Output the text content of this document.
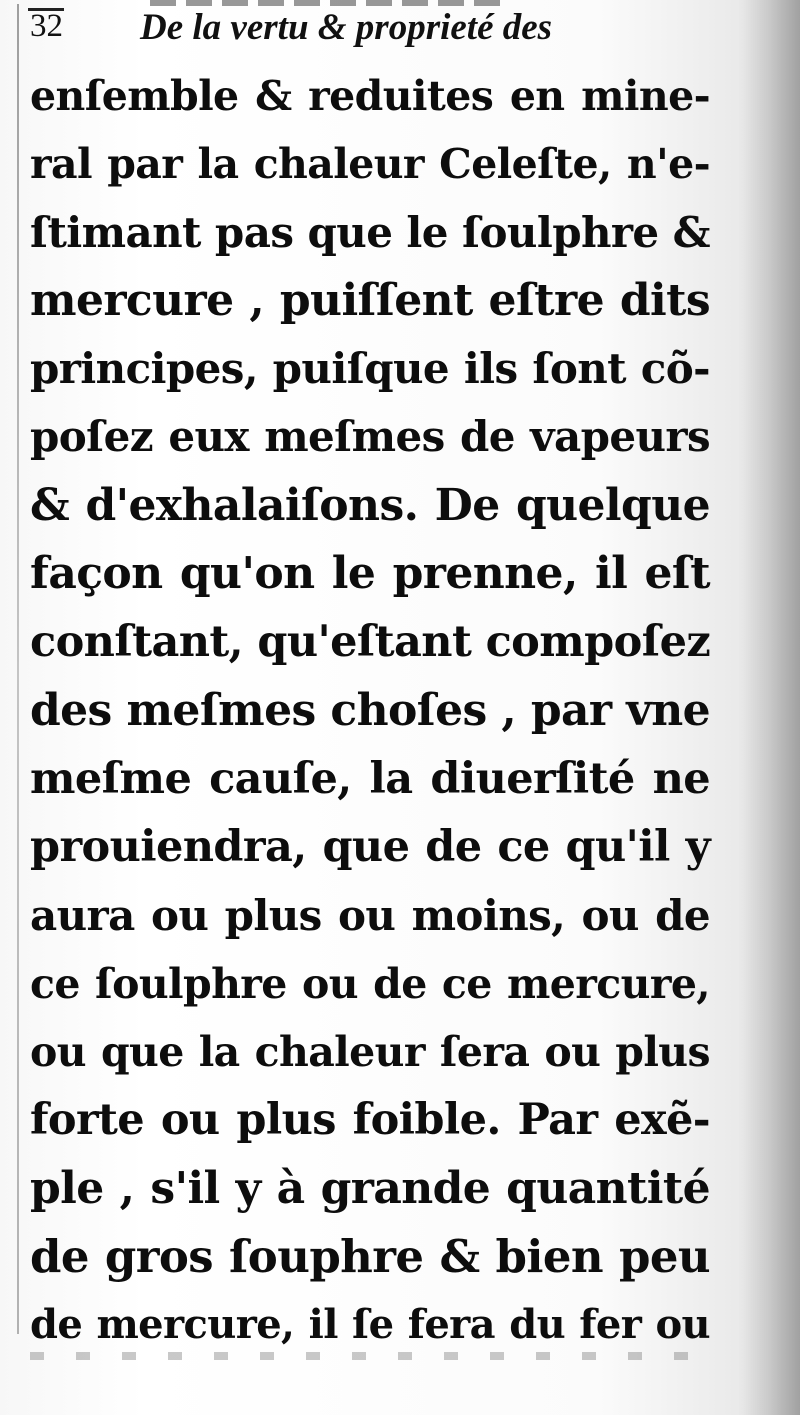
32 De la vertu & proprieté des
enſemble & reduites en mine-
ral par la chaleur Celeſte, n'e-
ſtimant pas que le ſoulphre &
mercure , puiſſent eſtre dits
principes, puiſque ils ſont cõ-
poſez eux meſmes de vapeurs
& d'exhalaiſons. De quelque
façon qu'on le prenne, il eſt
conſtant, qu'eſtant compoſez
des meſmes choſes , par vne
meſme cauſe, la diuerſité ne
prouiendra, que de ce qu'il y
aura ou plus ou moins, ou de
ce ſoulphre ou de ce mercure,
ou que la chaleur ſera ou plus
forte ou plus foible. Par exẽ-
ple , s'il y à grande quantité
de gros ſouphre & bien peu
de mercure, il ſe fera du fer ou
